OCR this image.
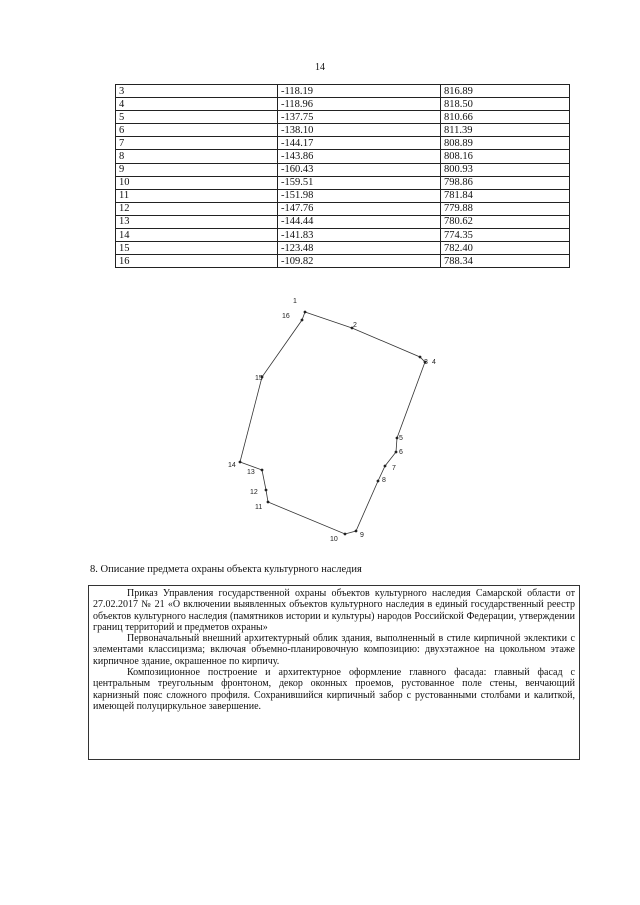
14
3	-118.19	816.89
4	-118.96	818.50
5	-137.75	810.66
6	-138.10	811.39
7	-144.17	808.89
8	-143.86	808.16
9	-160.43	800.93
10	-159.51	798.86
11	-151.98	781.84
12	-147.76	779.88
13	-144.44	780.62
14	-141.83	774.35
15	-123.48	782.40
16	-109.82	788.34
1
16
2
3 4
15
5
6
7
8
14
13
12
11
10
9
8. Описание предмета охраны объекта культурного наследия

Приказ Управления государственной охраны объектов культурного наследия Самарской области от 27.02.2017 № 21 «О включении выявленных объектов культурного наследия в единый государственный реестр объектов культурного наследия (памятников истории и культуры) народов Российской Федерации, утверждении границ территорий и предметов охраны»

Первоначальный внешний архитектурный облик здания, выполненный в стиле кирпичной эклектики с элементами классицизма; включая объемно-планировочную композицию: двухэтажное на цокольном этаже кирпичное здание, окрашенное по кирпичу.

Композиционное построение и архитектурное оформление главного фасада: главный фасад с центральным треугольным фронтоном, декор оконных проемов, рустованное поле стены, венчающий карнизный пояс сложного профиля. Сохранившийся кирпичный забор с рустованными столбами и калиткой, имеющей полуциркульное завершение.
